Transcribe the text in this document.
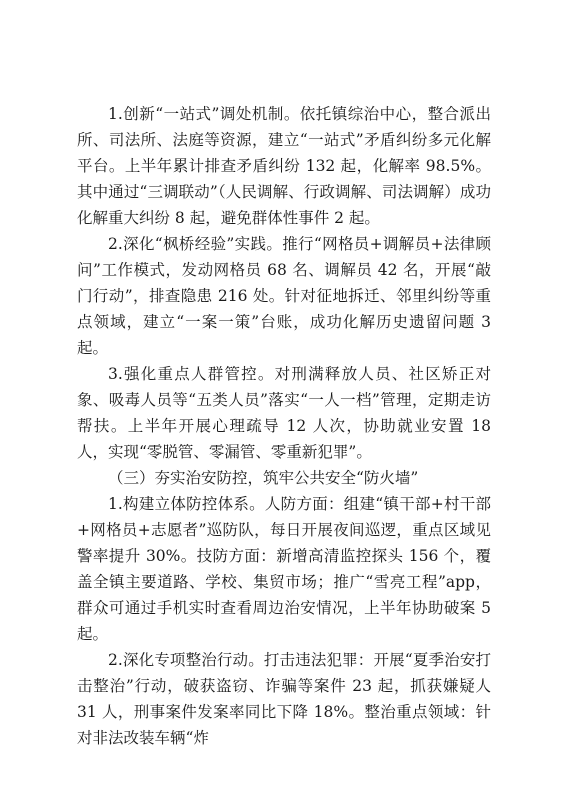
1.创新“一站式”调处机制。依托镇综治中心，整合派出所、司法所、法庭等资源，建立“一站式”矛盾纠纷多元化解平台。上半年累计排查矛盾纠纷 132 起，化解率 98.5%。其中通过“三调联动”（人民调解、行政调解、司法调解）成功化解重大纠纷 8 起，避免群体性事件 2 起。

2.深化“枫桥经验”实践。推行“网格员+调解员+法律顾问”工作模式，发动网格员 68 名、调解员 42 名，开展“敲门行动”，排查隐患 216 处。针对征地拆迁、邻里纠纷等重点领域，建立“一案一策”台账，成功化解历史遗留问题 3 起。

3.强化重点人群管控。对刑满释放人员、社区矫正对象、吸毒人员等“五类人员”落实“一人一档”管理，定期走访帮扶。上半年开展心理疏导 12 人次，协助就业安置 18 人，实现“零脱管、零漏管、零重新犯罪”。

（三）夯实治安防控，筑牢公共安全“防火墙”

1.构建立体防控体系。人防方面：组建“镇干部+村干部+网格员+志愿者”巡防队，每日开展夜间巡逻，重点区域见警率提升 30%。技防方面：新增高清监控探头 156 个，覆盖全镇主要道路、学校、集贸市场；推广“雪亮工程”app，群众可通过手机实时查看周边治安情况，上半年协助破案 5 起。

2.深化专项整治行动。打击违法犯罪：开展“夏季治安打击整治”行动，破获盗窃、诈骗等案件 23 起，抓获嫌疑人 31 人，刑事案件发案率同比下降 18%。整治重点领域：针对非法改装车辆“炸
